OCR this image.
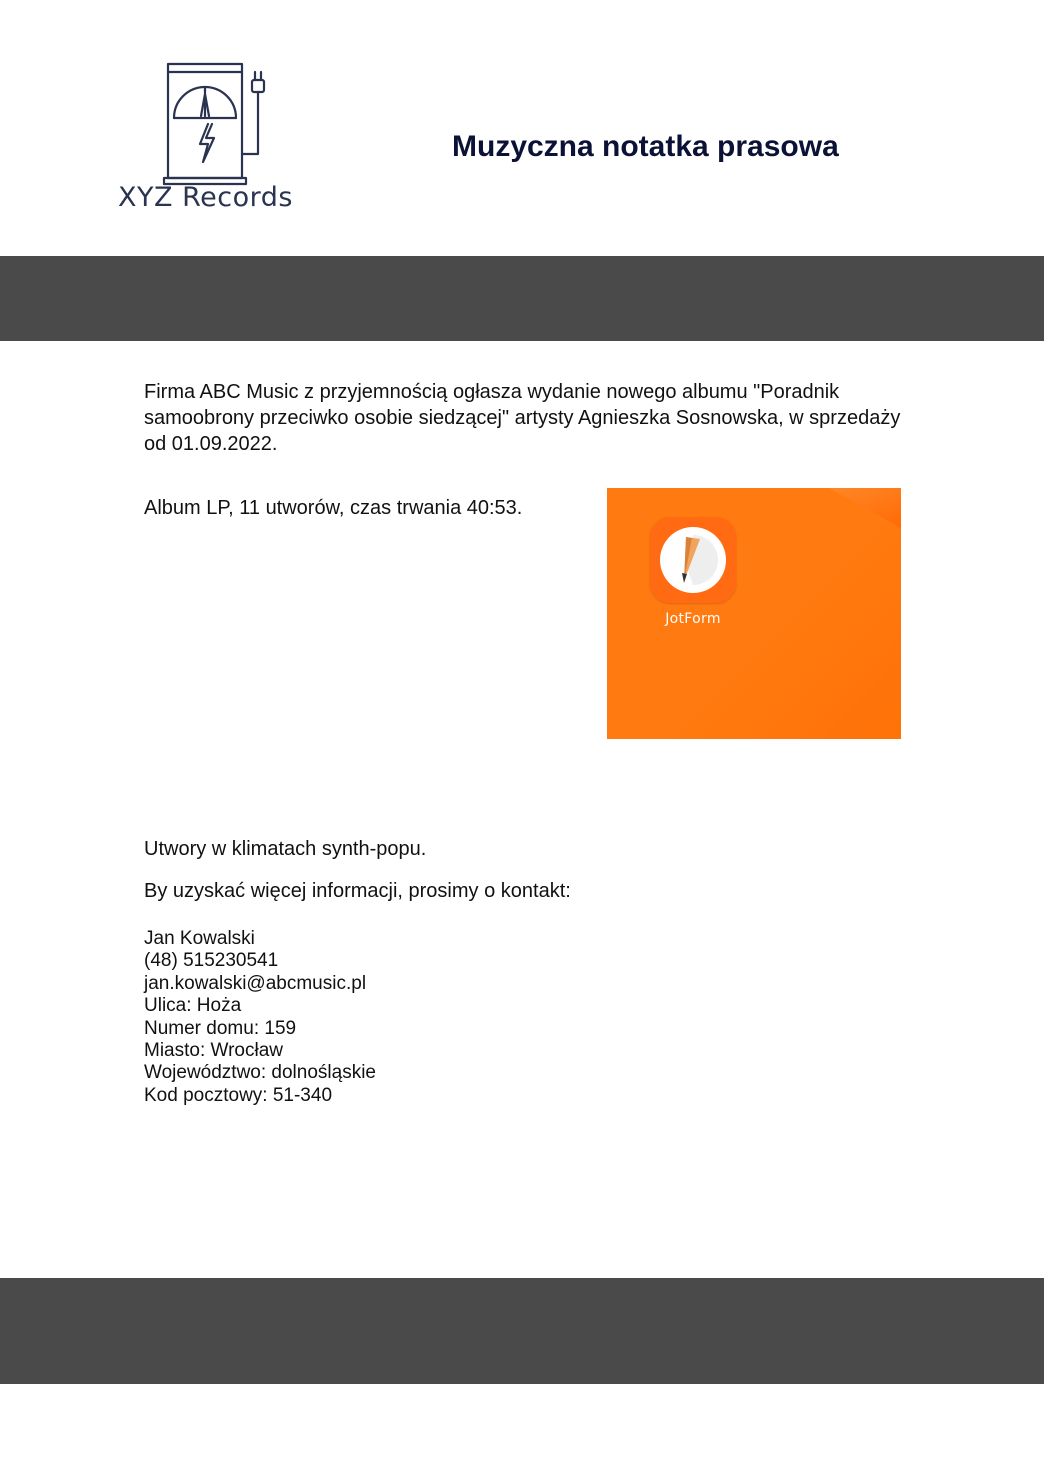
XYZ Records
Muzyczna notatka prasowa
Firma ABC Music z przyjemnością ogłasza wydanie nowego albumu "Poradnik samoobrony przeciwko osobie siedzącej" artysty Agnieszka Sosnowska, w sprzedaży od 01.09.2022.
Album LP, 11 utworów, czas trwania 40:53.
JotForm
Utwory w klimatach synth-popu.
By uzyskać więcej informacji, prosimy o kontakt:
Jan Kowalski
(48) 515230541
jan.kowalski@abcmusic.pl
Ulica: Hoża
Numer domu: 159
Miasto: Wrocław
Województwo: dolnośląskie
Kod pocztowy: 51-340
